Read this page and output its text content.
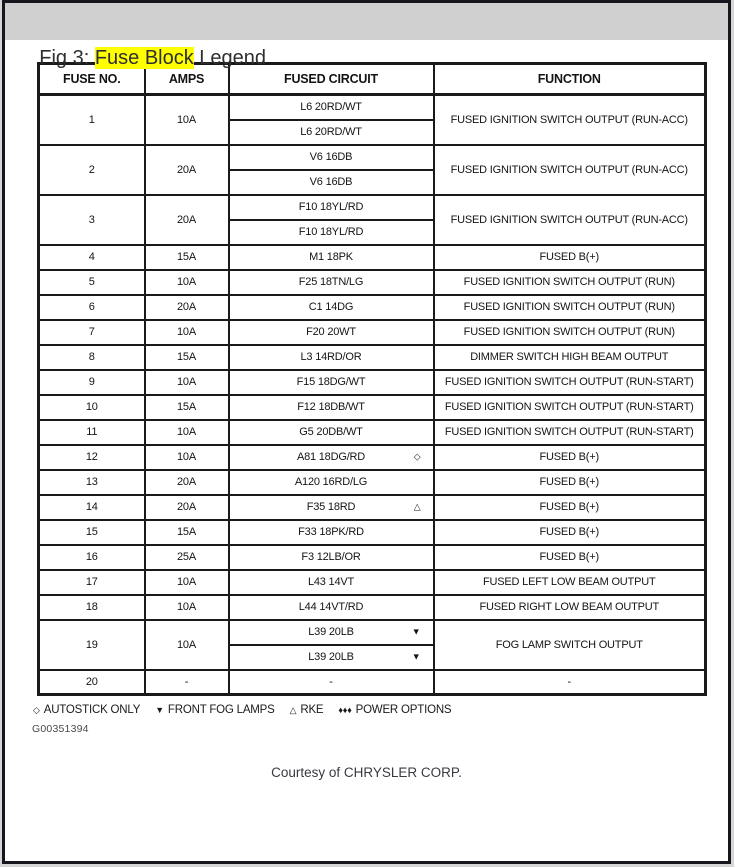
Fig 3: Fuse Block Legend

FUSE NO.	AMPS	FUSED CIRCUIT	FUNCTION
1	10A	L6 20RD/WT	FUSED IGNITION SWITCH OUTPUT (RUN-ACC)
		L6 20RD/WT	
2	20A	V6 16DB	FUSED IGNITION SWITCH OUTPUT (RUN-ACC)
		V6 16DB	
3	20A	F10 18YL/RD	FUSED IGNITION SWITCH OUTPUT (RUN-ACC)
		F10 18YL/RD	
4	15A	M1 18PK	FUSED B(+)
5	10A	F25 18TN/LG	FUSED IGNITION SWITCH OUTPUT (RUN)
6	20A	C1 14DG	FUSED IGNITION SWITCH OUTPUT (RUN)
7	10A	F20 20WT	FUSED IGNITION SWITCH OUTPUT (RUN)
8	15A	L3 14RD/OR	DIMMER SWITCH HIGH BEAM OUTPUT
9	10A	F15 18DG/WT	FUSED IGNITION SWITCH OUTPUT (RUN-START)
10	15A	F12 18DB/WT	FUSED IGNITION SWITCH OUTPUT (RUN-START)
11	10A	G5 20DB/WT	FUSED IGNITION SWITCH OUTPUT (RUN-START)
12	10A	A81 18DG/RD ◇	FUSED B(+)
13	20A	A120 16RD/LG	FUSED B(+)
14	20A	F35 18RD △	FUSED B(+)
15	15A	F33 18PK/RD	FUSED B(+)
16	25A	F3 12LB/OR	FUSED B(+)
17	10A	L43 14VT	FUSED LEFT LOW BEAM OUTPUT
18	10A	L44 14VT/RD	FUSED RIGHT LOW BEAM OUTPUT
19	10A	L39 20LB ▼	FOG LAMP SWITCH OUTPUT
		L39 20LB ▼	

20	-	-	-
◇ AUTOSTICK ONLY ▼ FRONT FOG LAMPS △ RKE ♦♦♦ POWER OPTIONS
G00351394
Courtesy of CHRYSLER CORP.
